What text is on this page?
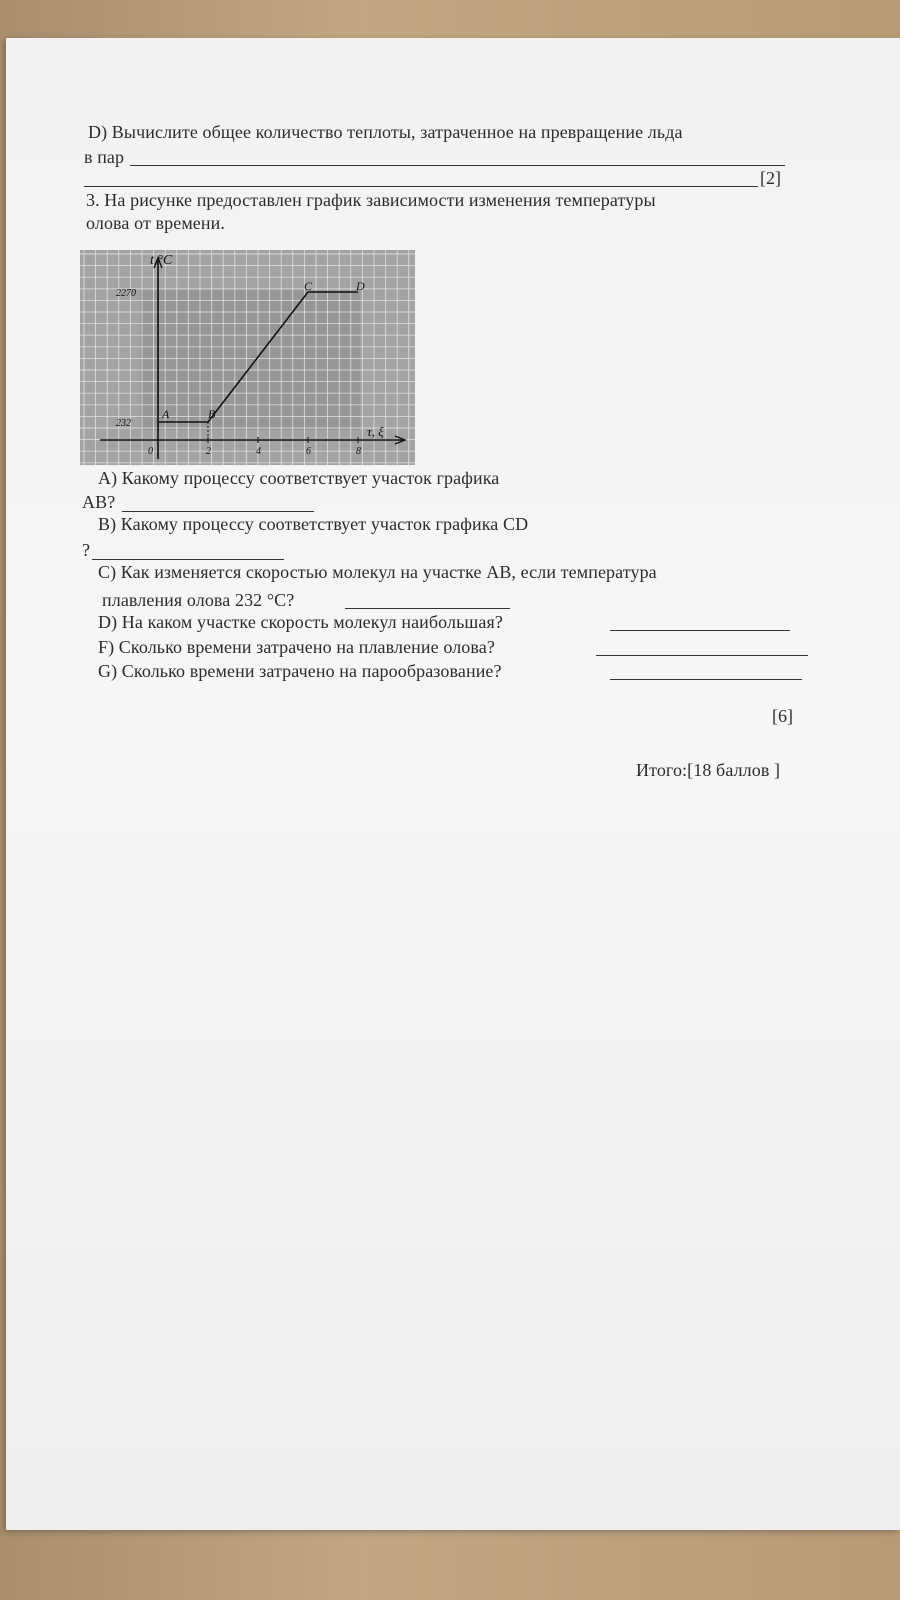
D) Вычислите общее количество теплоты, затраченное на превращение льда
в пар
[2]
3. На рисунке предоставлен график зависимости изменения температуры
олова от времени.
t,°C
τ, ξ
232
2270
0	2	4	6	8
A	B
C	D
A) Какому процессу соответствует участок графика
AB?
B) Какому процессу соответствует участок графика CD
?
C) Как изменяется скоростью молекул на участке AB, если температура
плавления олова 232 °C?
D) На каком участке скорость молекул наибольшая?
F) Сколько времени затрачено на плавление олова?
G) Сколько времени затрачено на парообразование?
[6]
Итого:[18 баллов ]
